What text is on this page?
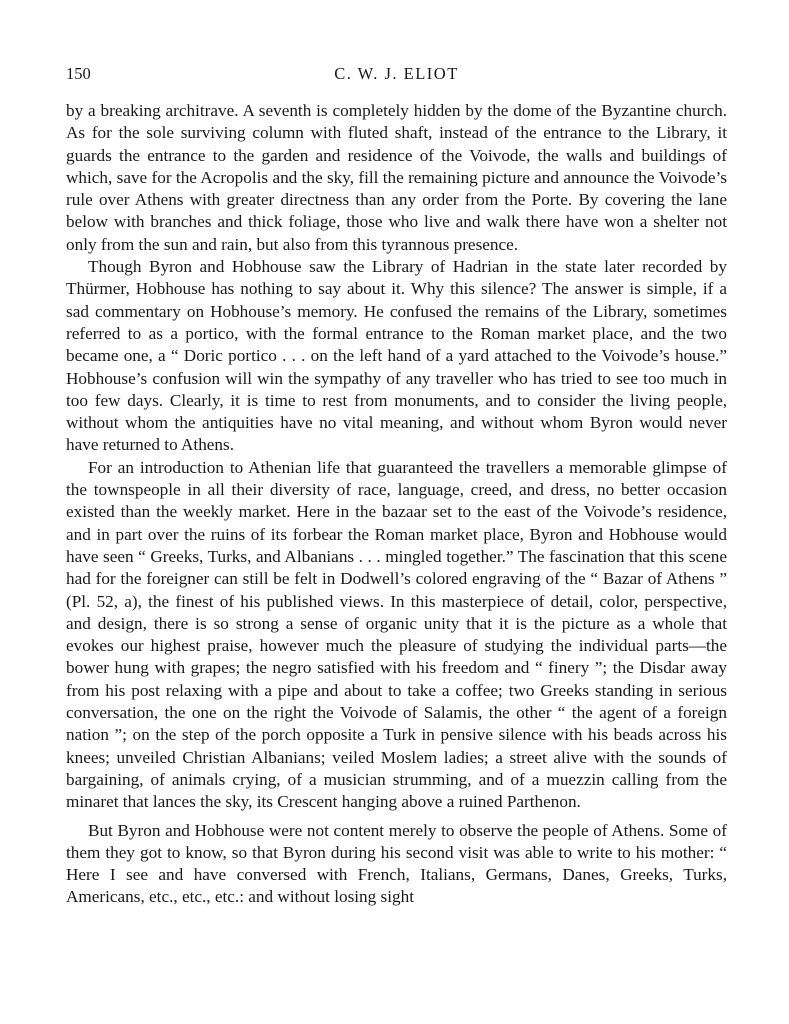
150	C. W. J. ELIOT

by a breaking architrave. A seventh is completely hidden by the dome of the Byzantine church. As for the sole surviving column with fluted shaft, instead of the entrance to the Library, it guards the entrance to the garden and residence of the Voivode, the walls and buildings of which, save for the Acropolis and the sky, fill the remaining picture and announce the Voivode’s rule over Athens with greater directness than any order from the Porte. By covering the lane below with branches and thick foliage, those who live and walk there have won a shelter not only from the sun and rain, but also from this tyrannous presence.

Though Byron and Hobhouse saw the Library of Hadrian in the state later recorded by Thürmer, Hobhouse has nothing to say about it. Why this silence? The answer is simple, if a sad commentary on Hobhouse’s memory. He confused the remains of the Library, sometimes referred to as a portico, with the formal entrance to the Roman market place, and the two became one, a “ Doric portico . . . on the left hand of a yard attached to the Voivode’s house.” Hobhouse’s confusion will win the sympathy of any traveller who has tried to see too much in too few days. Clearly, it is time to rest from monuments, and to consider the living people, without whom the antiquities have no vital meaning, and without whom Byron would never have returned to Athens.

For an introduction to Athenian life that guaranteed the travellers a memorable glimpse of the townspeople in all their diversity of race, language, creed, and dress, no better occasion existed than the weekly market. Here in the bazaar set to the east of the Voivode’s residence, and in part over the ruins of its forbear the Roman market place, Byron and Hobhouse would have seen “ Greeks, Turks, and Albanians . . . mingled together.” The fascination that this scene had for the foreigner can still be felt in Dodwell’s colored engraving of the “ Bazar of Athens ” (Pl. 52, a), the finest of his published views. In this masterpiece of detail, color, perspective, and design, there is so strong a sense of organic unity that it is the picture as a whole that evokes our highest praise, however much the pleasure of studying the individual parts—the bower hung with grapes; the negro satisfied with his freedom and “ finery ”; the Disdar away from his post relaxing with a pipe and about to take a coffee; two Greeks standing in serious conversation, the one on the right the Voivode of Salamis, the other “ the agent of a foreign nation ”; on the step of the porch opposite a Turk in pensive silence with his beads across his knees; unveiled Christian Albanians; veiled Moslem ladies; a street alive with the sounds of bargaining, of animals crying, of a musician strumming, and of a muezzin calling from the minaret that lances the sky, its Crescent hanging above a ruined Parthenon.

But Byron and Hobhouse were not content merely to observe the people of Athens. Some of them they got to know, so that Byron during his second visit was able to write to his mother: “ Here I see and have conversed with French, Italians, Germans, Danes, Greeks, Turks, Americans, etc., etc., etc.: and without losing sight
